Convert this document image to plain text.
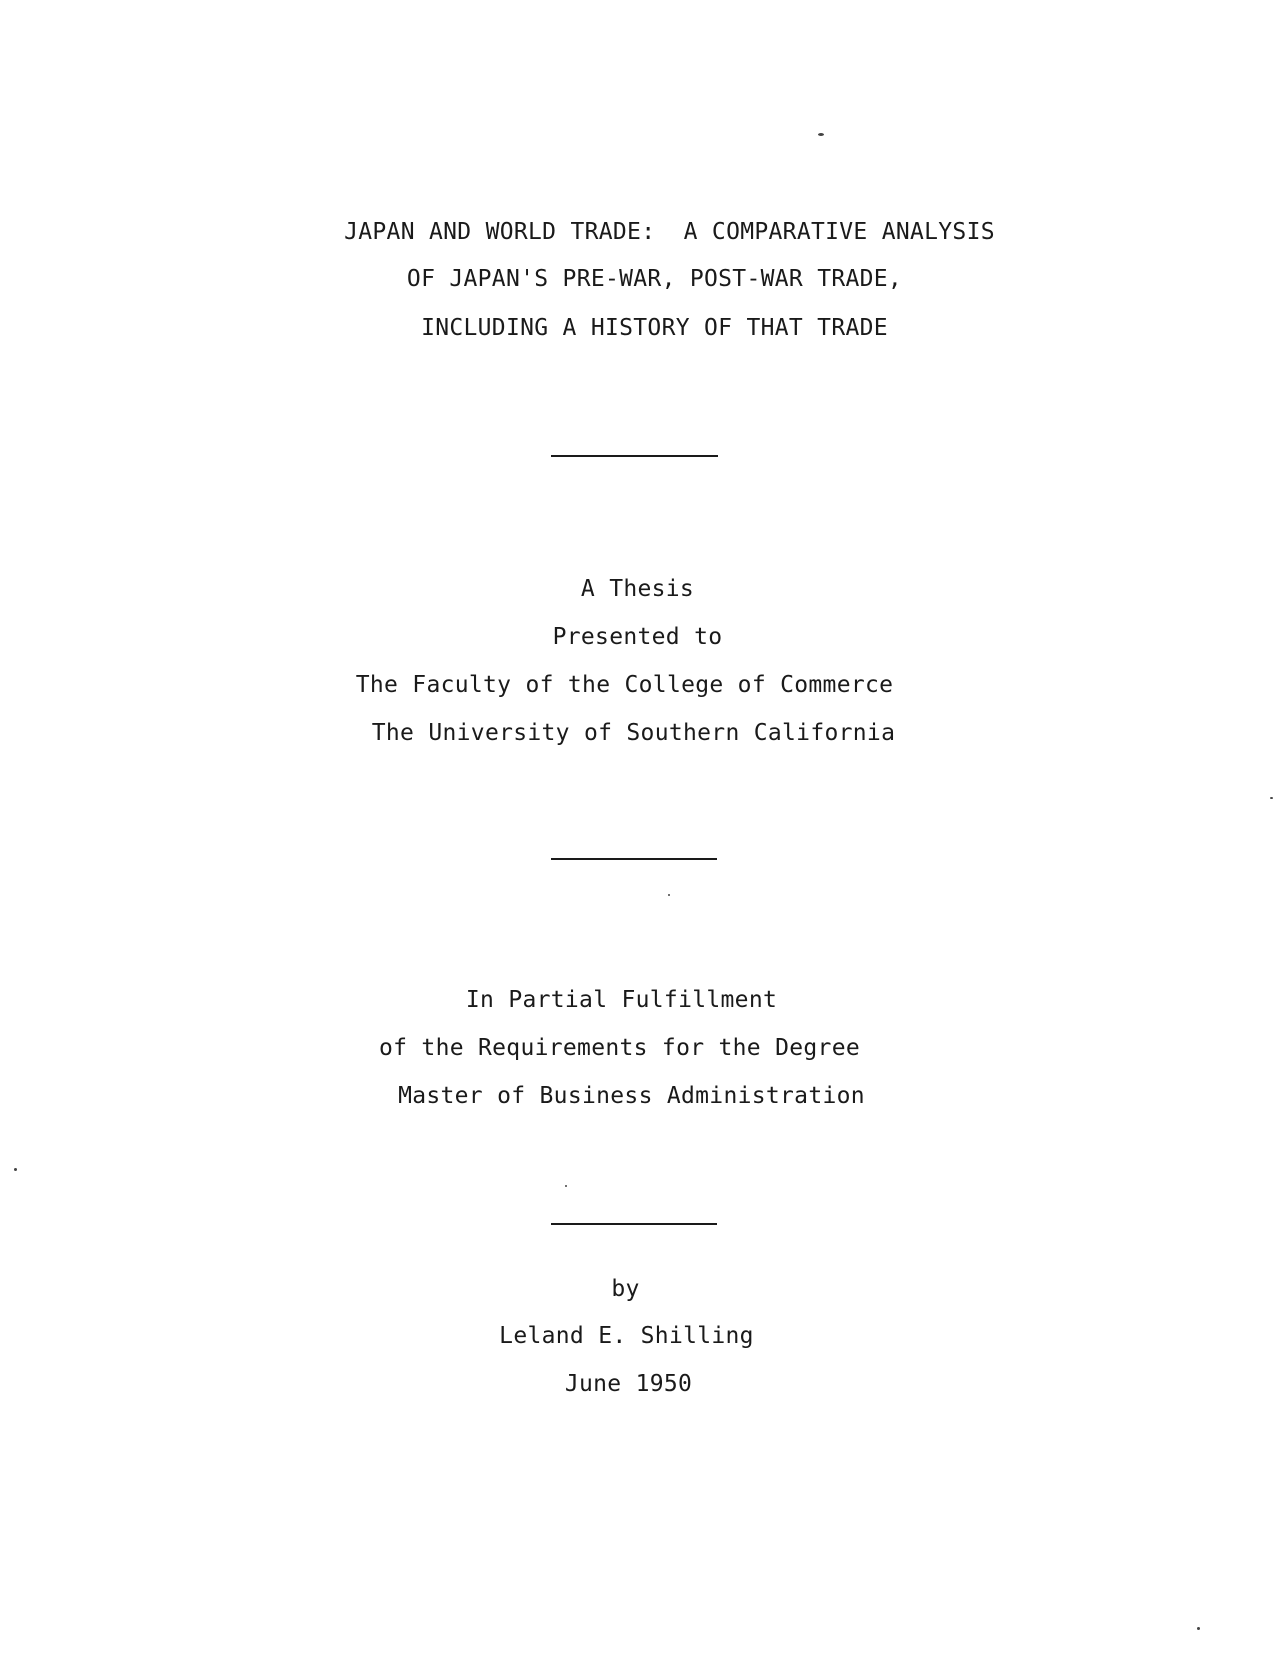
JAPAN AND WORLD TRADE:  A COMPARATIVE ANALYSIS
OF JAPAN'S PRE-WAR, POST-WAR TRADE,
INCLUDING A HISTORY OF THAT TRADE
A Thesis
Presented to
The Faculty of the College of Commerce
The University of Southern California
In Partial Fulfillment
of the Requirements for the Degree
Master of Business Administration
by
Leland E. Shilling
June 1950
